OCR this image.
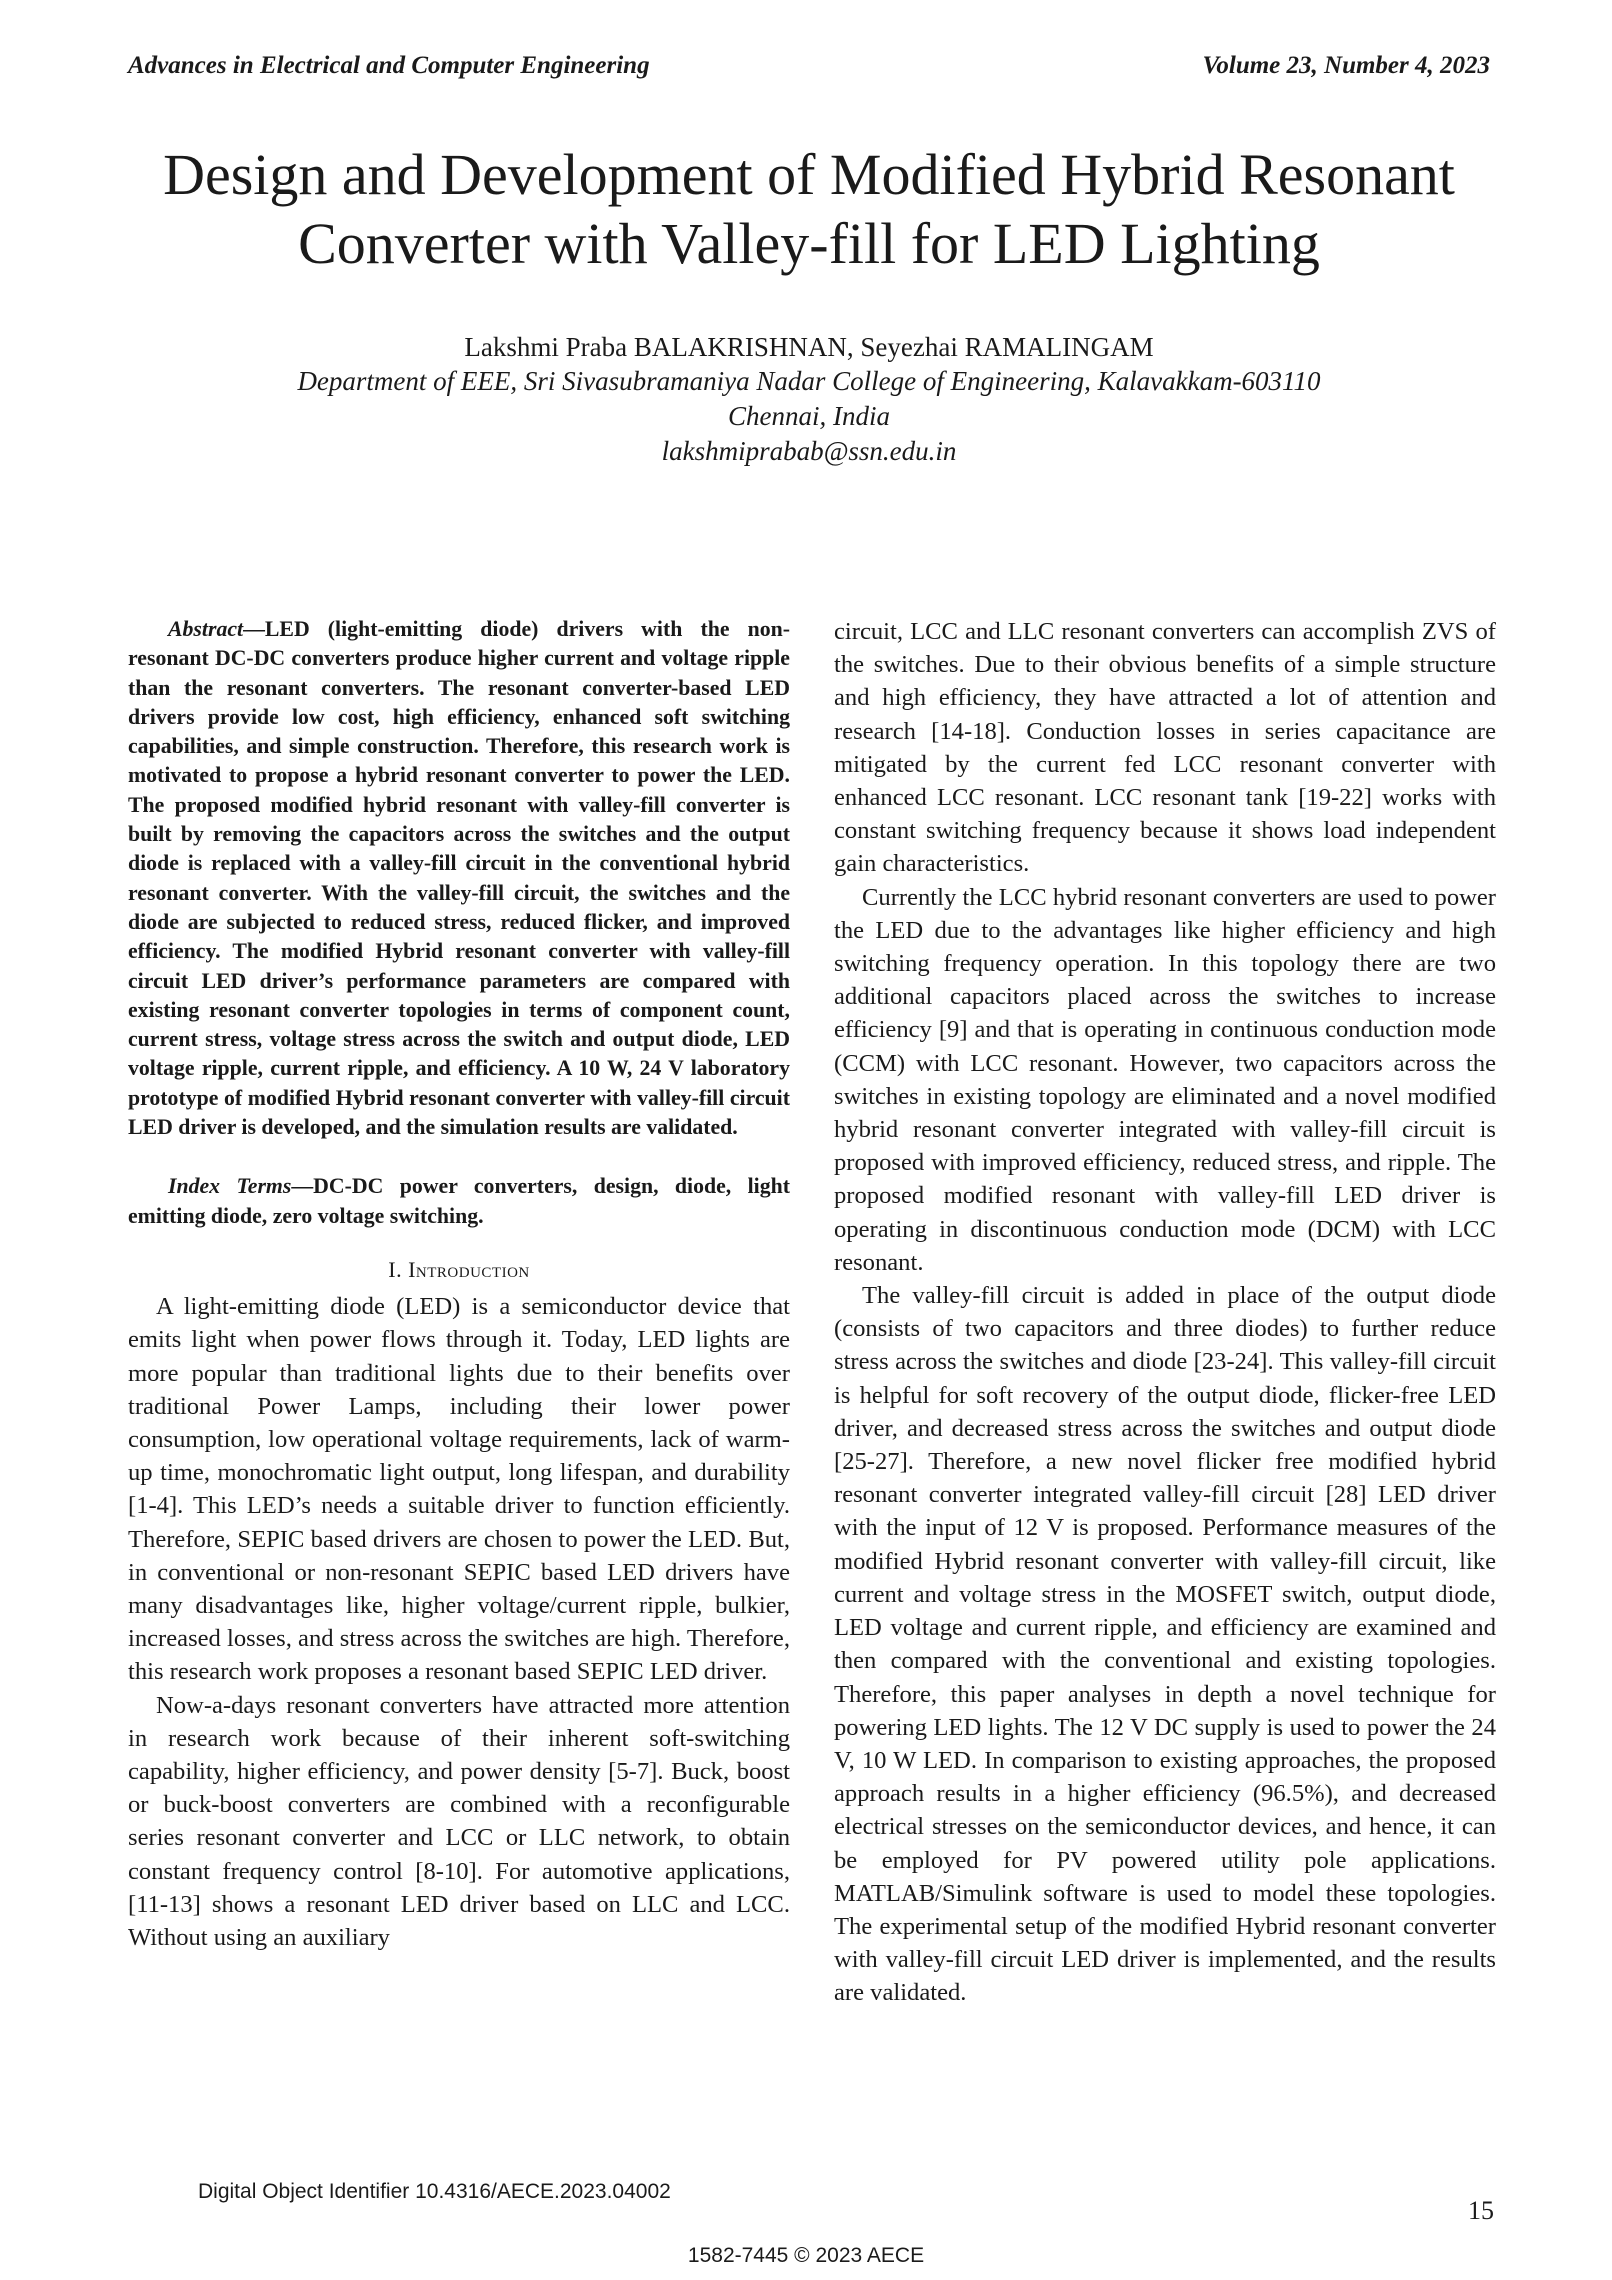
Advances in Electrical and Computer Engineering	Volume 23, Number 4, 2023
Design and Development of Modified Hybrid Resonant Converter with Valley-fill for LED Lighting
Lakshmi Praba BALAKRISHNAN, Seyezhai RAMALINGAM
Department of EEE, Sri Sivasubramaniya Nadar College of Engineering, Kalavakkam-603110
Chennai, India
lakshmiprabab@ssn.edu.in

Abstract—LED (light-emitting diode) drivers with the non-resonant DC-DC converters produce higher current and voltage ripple than the resonant converters. The resonant converter-based LED drivers provide low cost, high efficiency, enhanced soft switching capabilities, and simple construction. Therefore, this research work is motivated to propose a hybrid resonant converter to power the LED. The proposed modified hybrid resonant with valley-fill converter is built by removing the capacitors across the switches and the output diode is replaced with a valley-fill circuit in the conventional hybrid resonant converter. With the valley-fill circuit, the switches and the diode are subjected to reduced stress, reduced flicker, and improved efficiency. The modified Hybrid resonant converter with valley-fill circuit LED driver’s performance parameters are compared with existing resonant converter topologies in terms of component count, current stress, voltage stress across the switch and output diode, LED voltage ripple, current ripple, and efficiency. A 10 W, 24 V laboratory prototype of modified Hybrid resonant converter with valley-fill circuit LED driver is developed, and the simulation results are validated.

Index Terms—DC-DC power converters, design, diode, light emitting diode, zero voltage switching.

I. Introduction

A light-emitting diode (LED) is a semiconductor device that emits light when power flows through it. Today, LED lights are more popular than traditional lights due to their benefits over traditional Power Lamps, including their lower power consumption, low operational voltage requirements, lack of warm-up time, monochromatic light output, long lifespan, and durability [1-4]. This LED’s needs a suitable driver to function efficiently. Therefore, SEPIC based drivers are chosen to power the LED. But, in conventional or non-resonant SEPIC based LED drivers have many disadvantages like, higher voltage/current ripple, bulkier, increased losses, and stress across the switches are high. Therefore, this research work proposes a resonant based SEPIC LED driver.

Now-a-days resonant converters have attracted more attention in research work because of their inherent soft-switching capability, higher efficiency, and power density [5-7]. Buck, boost or buck-boost converters are combined with a reconfigurable series resonant converter and LCC or LLC network, to obtain constant frequency control [8-10]. For automotive applications, [11-13] shows a resonant LED driver based on LLC and LCC. Without using an auxiliary

circuit, LCC and LLC resonant converters can accomplish ZVS of the switches. Due to their obvious benefits of a simple structure and high efficiency, they have attracted a lot of attention and research [14-18]. Conduction losses in series capacitance are mitigated by the current fed LCC resonant converter with enhanced LCC resonant. LCC resonant tank [19-22] works with constant switching frequency because it shows load independent gain characteristics.

Currently the LCC hybrid resonant converters are used to power the LED due to the advantages like higher efficiency and high switching frequency operation. In this topology there are two additional capacitors placed across the switches to increase efficiency [9] and that is operating in continuous conduction mode (CCM) with LCC resonant. However, two capacitors across the switches in existing topology are eliminated and a novel modified hybrid resonant converter integrated with valley-fill circuit is proposed with improved efficiency, reduced stress, and ripple. The proposed modified resonant with valley-fill LED driver is operating in discontinuous conduction mode (DCM) with LCC resonant.

The valley-fill circuit is added in place of the output diode (consists of two capacitors and three diodes) to further reduce stress across the switches and diode [23-24]. This valley-fill circuit is helpful for soft recovery of the output diode, flicker-free LED driver, and decreased stress across the switches and output diode [25-27]. Therefore, a new novel flicker free modified hybrid resonant converter integrated valley-fill circuit [28] LED driver with the input of 12 V is proposed. Performance measures of the modified Hybrid resonant converter with valley-fill circuit, like current and voltage stress in the MOSFET switch, output diode, LED voltage and current ripple, and efficiency are examined and then compared with the conventional and existing topologies. Therefore, this paper analyses in depth a novel technique for powering LED lights. The 12 V DC supply is used to power the 24 V, 10 W LED. In comparison to existing approaches, the proposed approach results in a higher efficiency (96.5%), and decreased electrical stresses on the semiconductor devices, and hence, it can be employed for PV powered utility pole applications. MATLAB/Simulink software is used to model these topologies. The experimental setup of the modified Hybrid resonant converter with valley-fill circuit LED driver is implemented, and the results are validated.

Digital Object Identifier 10.4316/AECE.2023.04002
15
1582-7445 © 2023 AECE
